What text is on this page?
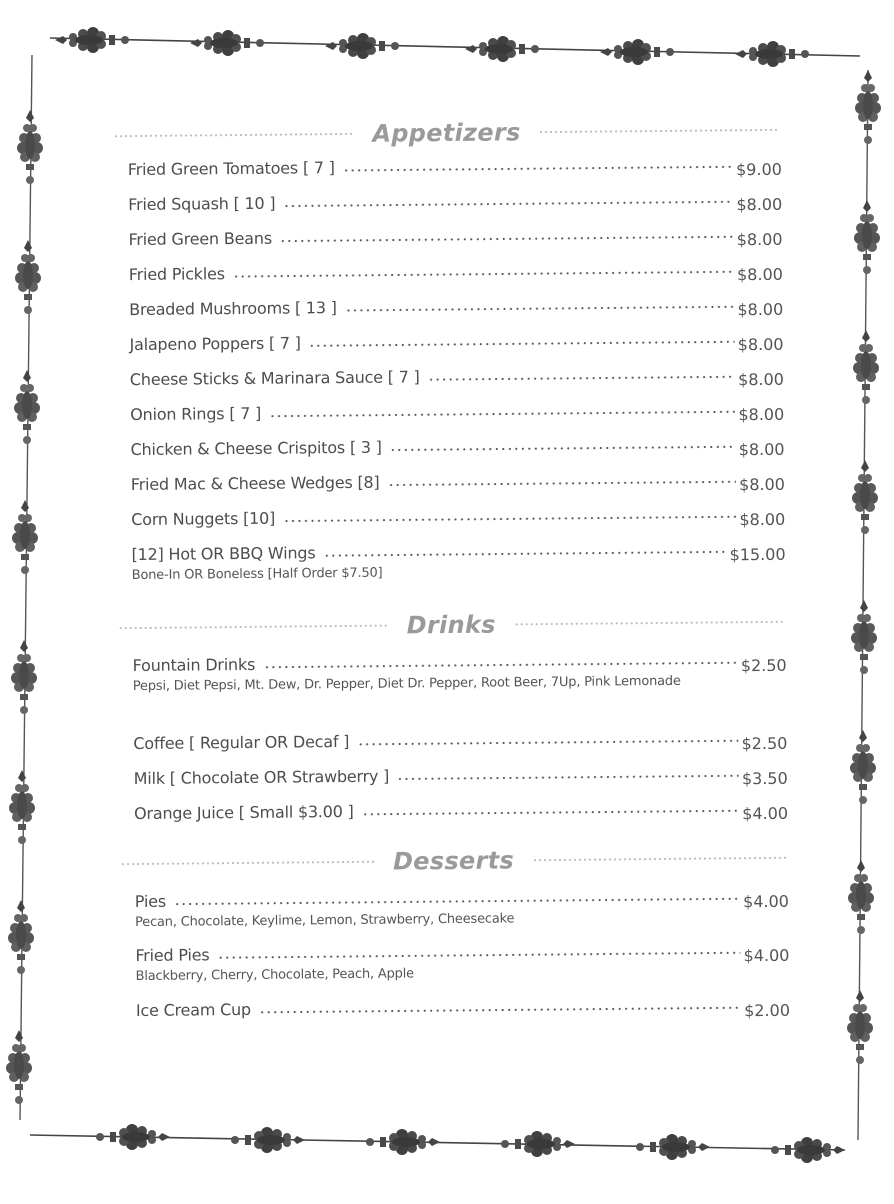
Appetizers
Fried Green Tomatoes [ 7 ]	$9.00
Fried Squash [ 10 ]	$8.00
Fried Green Beans	$8.00
Fried Pickles	$8.00
Breaded Mushrooms [ 13 ]	$8.00
Jalapeno Poppers [ 7 ]	$8.00
Cheese Sticks & Marinara Sauce [ 7 ]	$8.00
Onion Rings [ 7 ]	$8.00
Chicken & Cheese Crispitos [ 3 ]	$8.00
Fried Mac & Cheese Wedges [8]	$8.00
Corn Nuggets [10]	$8.00
[12] Hot OR BBQ Wings	$15.00
Bone-In OR Boneless [Half Order $7.50]
Drinks
Fountain Drinks	$2.50
Pepsi, Diet Pepsi, Mt. Dew, Dr. Pepper, Diet Dr. Pepper, Root Beer, 7Up, Pink Lemonade
Coffee [ Regular OR Decaf ]	$2.50
Milk [ Chocolate OR Strawberry ]	$3.50
Orange Juice [ Small $3.00 ]	$4.00
Desserts
Pies	$4.00
Pecan, Chocolate, Keylime, Lemon, Strawberry, Cheesecake
Fried Pies	$4.00
Blackberry, Cherry, Chocolate, Peach, Apple
Ice Cream Cup	$2.00
